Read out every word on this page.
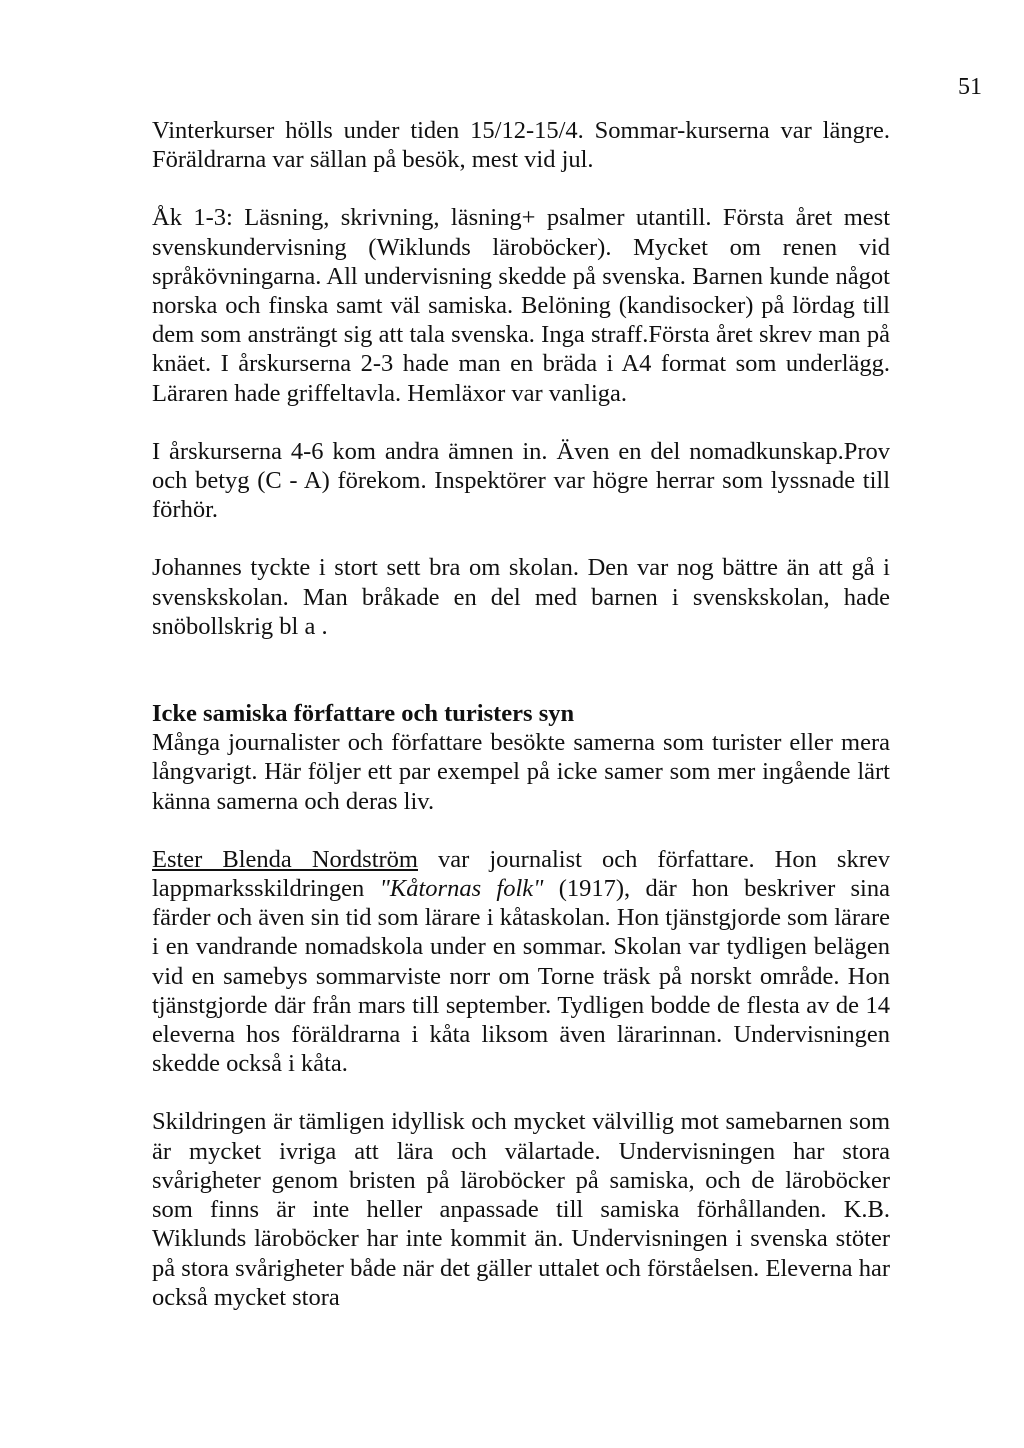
51

Vinterkurser hölls under tiden 15/12-15/4. Sommar-kurserna var längre. Föräldrarna var sällan på besök, mest vid jul.

Åk 1-3: Läsning, skrivning, läsning+ psalmer utantill. Första året mest svenskundervisning (Wiklunds läroböcker). Mycket om renen vid språkövningarna. All undervisning skedde på svenska. Barnen kunde något norska och finska samt väl samiska. Belöning (kandisocker) på lördag till dem som ansträngt sig att tala svenska. Inga straff.Första året skrev man på knäet. I årskurserna 2-3 hade man en bräda i A4 format som underlägg. Läraren hade griffeltavla. Hemläxor var vanliga.

I årskurserna 4-6 kom andra ämnen in. Även en del nomadkunskap.Prov och betyg (C - A) förekom. Inspektörer var högre herrar som lyssnade till förhör.

Johannes tyckte i stort sett bra om skolan. Den var nog bättre än att gå i svenskskolan. Man bråkade en del med barnen i svenskskolan, hade snöbollskrig bl a .

Icke samiska författare och turisters syn

Många journalister och författare besökte samerna som turister eller mera långvarigt. Här följer ett par exempel på icke samer som mer ingående lärt känna samerna och deras liv.

Ester Blenda Nordström var journalist och författare. Hon skrev lappmarksskildringen "Kåtornas folk" (1917), där hon beskriver sina färder och även sin tid som lärare i kåtaskolan. Hon tjänstgjorde som lärare i en vandrande nomadskola under en sommar. Skolan var tydligen belägen vid en samebys sommarviste norr om Torne träsk på norskt område. Hon tjänstgjorde där från mars till september. Tydligen bodde de flesta av de 14 eleverna hos föräldrarna i kåta liksom även lärarinnan. Undervisningen skedde också i kåta.

Skildringen är tämligen idyllisk och mycket välvillig mot samebarnen som är mycket ivriga att lära och välartade. Undervisningen har stora svårigheter genom bristen på läroböcker på samiska, och de läroböcker som finns är inte heller anpassade till samiska förhållanden. K.B. Wiklunds läroböcker har inte kommit än. Undervisningen i svenska stöter på stora svårigheter både när det gäller uttalet och förståelsen. Eleverna har också mycket stora
